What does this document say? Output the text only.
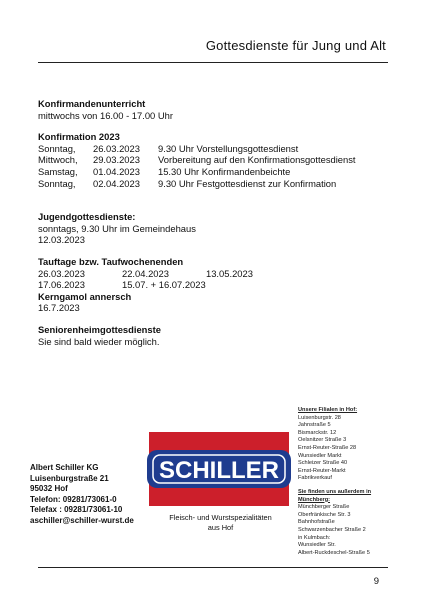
Gottesdienste für Jung und Alt
Konfirmandenunterricht
mittwochs von 16.00 - 17.00 Uhr
Konfirmation 2023
Sonntag,	26.03.2023	9.30 Uhr Vorstellungsgottesdienst
Mittwoch,	29.03.2023	Vorbereitung auf den Konfirmationsgottesdienst
Samstag,	01.04.2023	15.30 Uhr Konfirmandenbeichte
Sonntag,	02.04.2023	9.30 Uhr Festgottesdienst zur Konfirmation
Jugendgottesdienste:
sonntags, 9.30 Uhr im Gemeindehaus
12.03.2023
Tauftage bzw. Taufwochenenden
26.03.2023	22.04.2023	13.05.2023
17.06.2023	15.07. + 16.07.2023
Kerngamol annersch
16.7.2023
Seniorenheimgottesdienste
Sie sind bald wieder möglich.
Albert Schiller KG
Luisenburgstraße 21
95032 Hof
Telefon: 09281/73061-0
Telefax : 09281/73061-10
aschiller@schiller-wurst.de
SCHILLER
Fleisch- und Wurstspezialitäten
aus Hof
Unsere Filialen in Hof:
Luisenburgstr. 28
Jahnstraße 5
Bismarckstr. 12
Oelsnitzer Straße 3
Ernst-Reuter-Straße 28
Wunsiedler Markt
Schleizer Straße 40
Ernst-Reuter-Markt
Fabrikverkauf
Sie finden uns außerdem in Münchberg:
Münchberger Straße
Oberfränkische Str. 3
Bahnhofstraße
Schwarzenbacher Straße 2
in Kulmbach:
Wunsiedler Str.
Albert-Ruckdeschel-Straße 5
9
